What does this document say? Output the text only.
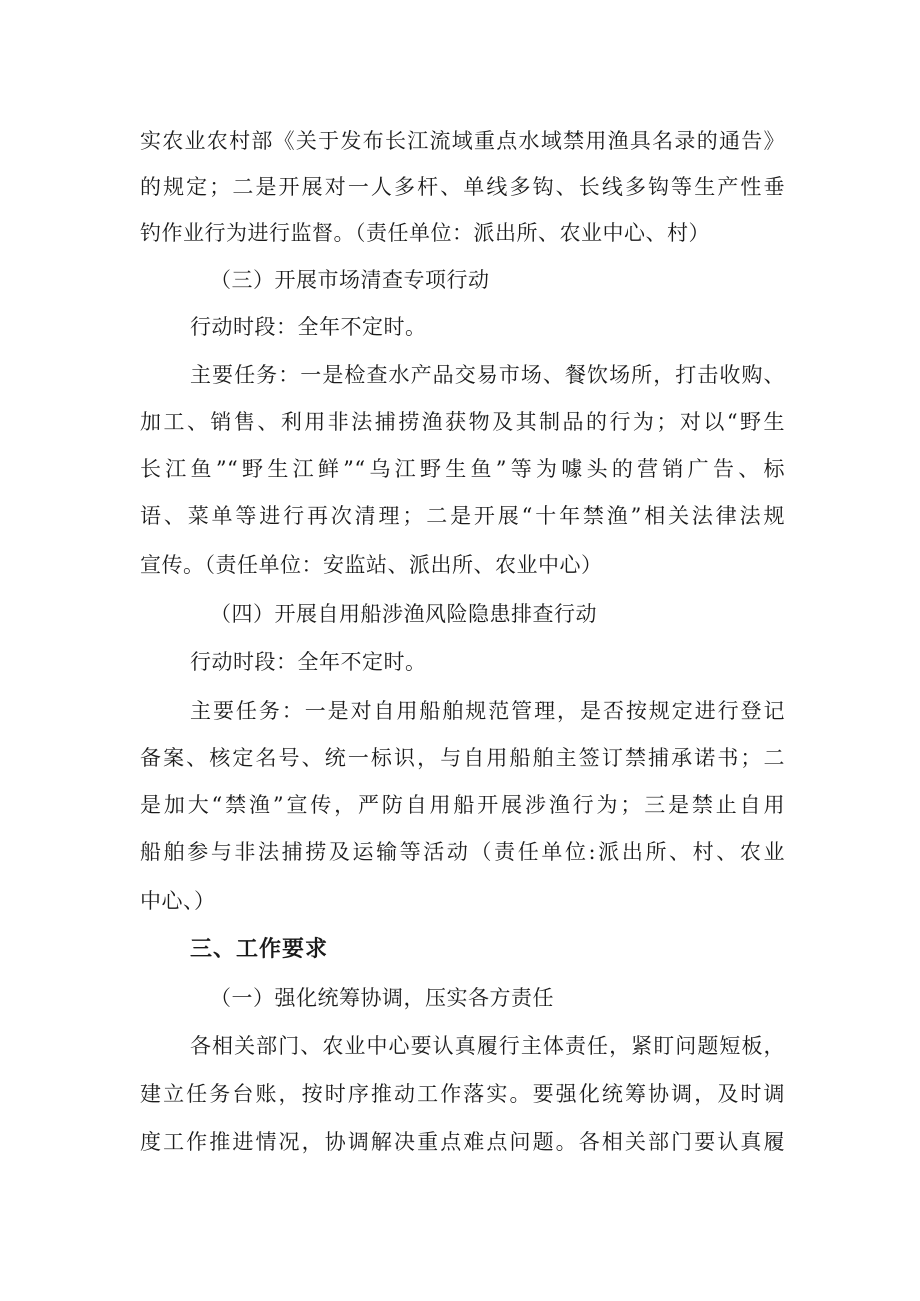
实农业农村部《关于发布长江流域重点水域禁用渔具名录的通告》
的规定；二是开展对一人多杆、单线多钩、长线多钩等生产性垂
钓作业行为进行监督。（责任单位：派出所、农业中心、村）
（三）开展市场清查专项行动
行动时段：全年不定时。
主要任务：一是检查水产品交易市场、餐饮场所，打击收购、
加工、销售、利用非法捕捞渔获物及其制品的行为；对以“野生
长江鱼”“野生江鲜”“乌江野生鱼”等为噱头的营销广告、标
语、菜单等进行再次清理；二是开展“十年禁渔”相关法律法规
宣传。（责任单位：安监站、派出所、农业中心）
（四）开展自用船涉渔风险隐患排查行动
行动时段：全年不定时。
主要任务：一是对自用船舶规范管理，是否按规定进行登记
备案、核定名号、统一标识，与自用船舶主签订禁捕承诺书；二
是加大“禁渔”宣传，严防自用船开展涉渔行为；三是禁止自用
船舶参与非法捕捞及运输等活动（责任单位:派出所、村、农业
中心、）
三、工作要求
（一）强化统筹协调，压实各方责任
各相关部门、农业中心要认真履行主体责任，紧盯问题短板，
建立任务台账，按时序推动工作落实。要强化统筹协调，及时调
度工作推进情况，协调解决重点难点问题。各相关部门要认真履
